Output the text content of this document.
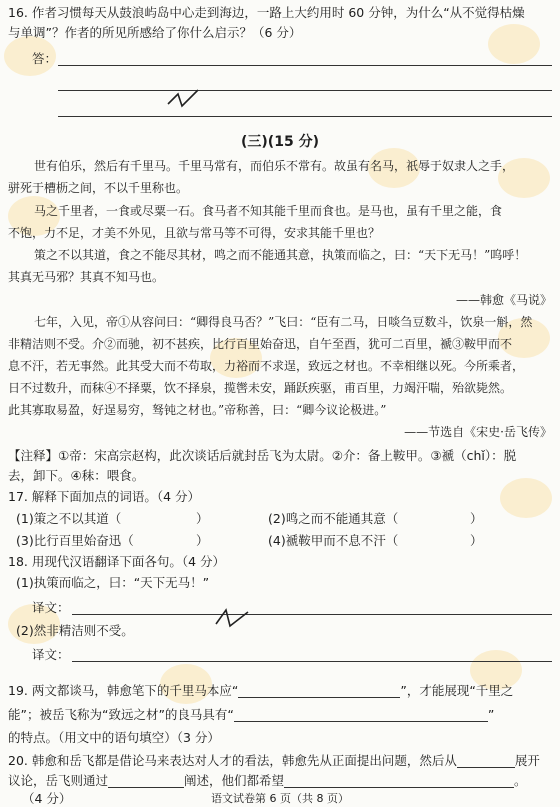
16. 作者习惯每天从鼓浪屿岛中心走到海边，一路上大约用时 60 分钟，为什么“从不觉得枯燥
与单调”？作者的所见所感给了你什么启示？（6 分）
答：
(三)(15 分)
世有伯乐，然后有千里马。千里马常有，而伯乐不常有。故虽有名马，祇辱于奴隶人之手，
骈死于槽枥之间，不以千里称也。
马之千里者，一食或尽粟一石。食马者不知其能千里而食也。是马也，虽有千里之能，食
不饱，力不足，才美不外见，且欲与常马等不可得，安求其能千里也？
策之不以其道，食之不能尽其材，鸣之而不能通其意，执策而临之，曰：“天下无马！”呜呼！
其真无马邪？其真不知马也。
——韩愈《马说》
七年，入见，帝①从容问曰：“卿得良马否？”飞曰：“臣有二马，日啖刍豆数斗，饮泉一斛，然
非精洁则不受。介②而驰，初不甚疾，比行百里始奋迅，自午至酉，犹可二百里，褫③鞍甲而不
息不汗，若无事然。此其受大而不苟取，力裕而不求逞，致远之材也。不幸相继以死。今所乘者，
日不过数升，而秣④不择粟，饮不择泉，揽辔未安，踊跃疾驱，甫百里，力竭汗喘，殆欲毙然。
此其寡取易盈，好逞易穷，驽钝之材也。”帝称善，曰：“卿今议论极进。”
——节选自《宋史·岳飞传》
【注释】①帝：宋高宗赵构，此次谈话后就封岳飞为太尉。②介：备上鞍甲。③褫（chǐ）：脱
去，卸下。④秣：喂食。
17. 解释下面加点的词语。（4 分）
(1)策之不以其道（	）	(2)鸣之而不能通其意（	）
(3)比行百里始奋迅（	）	(4)褫鞍甲而不息不汗（	）
18. 用现代汉语翻译下面各句。（4 分）
(1)执策而临之，曰：“天下无马！”
译文：
(2)然非精洁则不受。
译文：
19. 两文都谈马，韩愈笔下的千里马本应“	”，才能展现“千里之
能”；被岳飞称为“致远之材”的良马具有“	”
的特点。（用文中的语句填空）（3 分）
20. 韩愈和岳飞都是借论马来表达对人才的看法，韩愈先从正面提出问题，然后从	展开
议论，岳飞则通过	阐述，他们都希望	。
（4 分）	语文试卷第 6 页（共 8 页）
